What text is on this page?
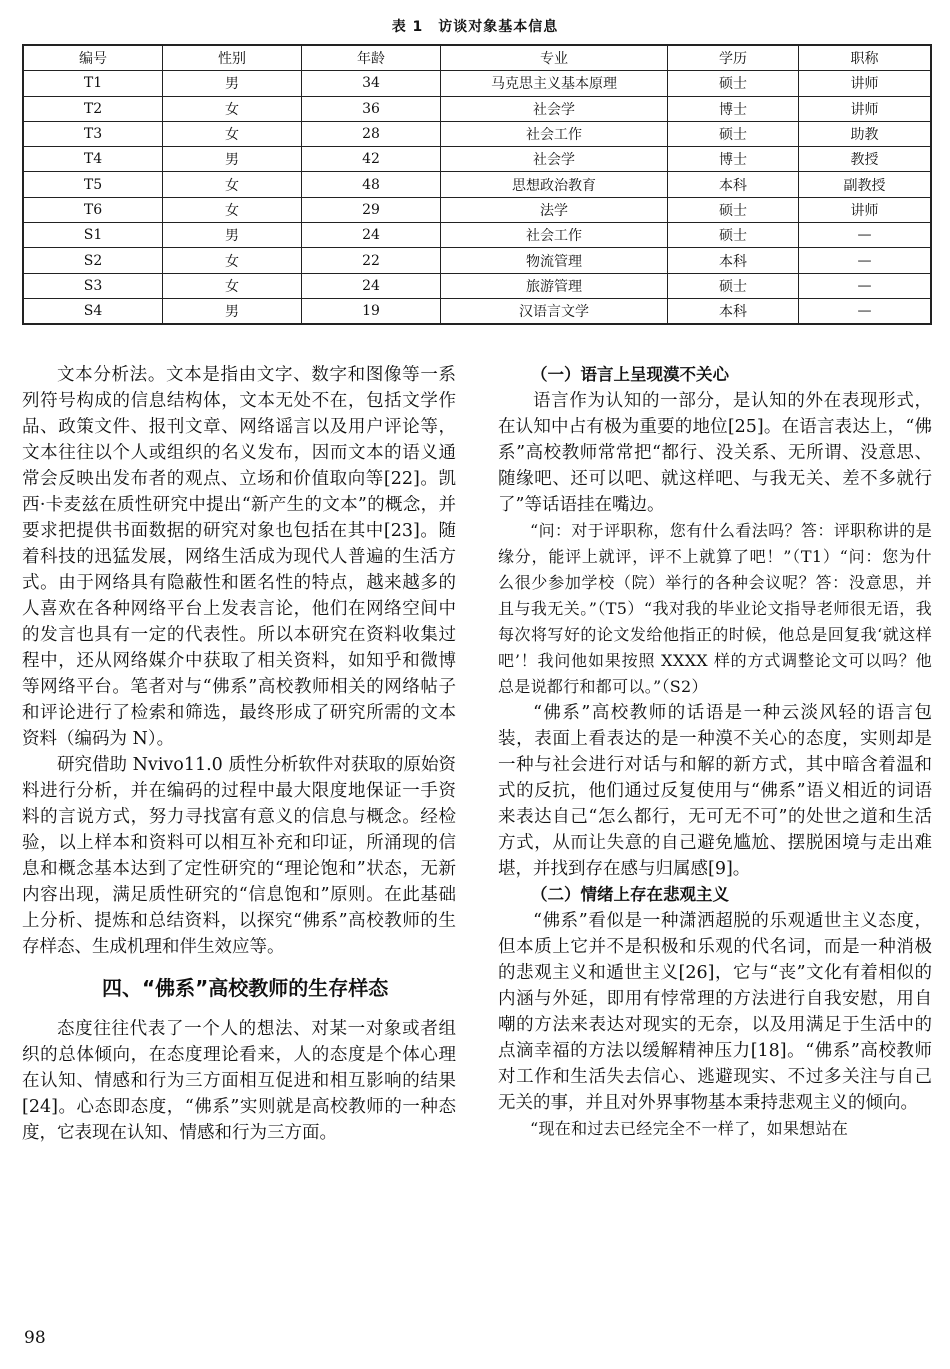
表 1　访谈对象基本信息
编号	性别	年龄	专业	学历	职称
T1	男	34	马克思主义基本原理	硕士	讲师
T2	女	36	社会学	博士	讲师
T3	女	28	社会工作	硕士	助教
T4	男	42	社会学	博士	教授
T5	女	48	思想政治教育	本科	副教授
T6	女	29	法学	硕士	讲师
S1	男	24	社会工作	硕士	—
S2	女	22	物流管理	本科	—
S3	女	24	旅游管理	硕士	—
S4	男	19	汉语言文学	本科	—

文本分析法。文本是指由文字、数字和图像等一系列符号构成的信息结构体，文本无处不在，包括文学作品、政策文件、报刊文章、网络谣言以及用户评论等，文本往往以个人或组织的名义发布，因而文本的语义通常会反映出发布者的观点、立场和价值取向等[22]。凯西·卡麦兹在质性研究中提出“新产生的文本”的概念，并要求把提供书面数据的研究对象也包括在其中[23]。随着科技的迅猛发展，网络生活成为现代人普遍的生活方式。由于网络具有隐蔽性和匿名性的特点，越来越多的人喜欢在各种网络平台上发表言论，他们在网络空间中的发言也具有一定的代表性。所以本研究在资料收集过程中，还从网络媒介中获取了相关资料，如知乎和微博等网络平台。笔者对与“佛系”高校教师相关的网络帖子和评论进行了检索和筛选，最终形成了研究所需的文本资料（编码为 N）。

研究借助 Nvivo11.0 质性分析软件对获取的原始资料进行分析，并在编码的过程中最大限度地保证一手资料的言说方式，努力寻找富有意义的信息与概念。经检验，以上样本和资料可以相互补充和印证，所涌现的信息和概念基本达到了定性研究的“理论饱和”状态，无新内容出现，满足质性研究的“信息饱和”原则。在此基础上分析、提炼和总结资料，以探究“佛系”高校教师的生存样态、生成机理和伴生效应等。

四、“佛系”高校教师的生存样态

态度往往代表了一个人的想法、对某一对象或者组织的总体倾向，在态度理论看来，人的态度是个体心理在认知、情感和行为三方面相互促进和相互影响的结果[24]。心态即态度，“佛系”实则就是高校教师的一种态度，它表现在认知、情感和行为三方面。

（一）语言上呈现漠不关心

语言作为认知的一部分，是认知的外在表现形式，在认知中占有极为重要的地位[25]。在语言表达上，“佛系”高校教师常常把“都行、没关系、无所谓、没意思、随缘吧、还可以吧、就这样吧、与我无关、差不多就行了”等话语挂在嘴边。

“问：对于评职称，您有什么看法吗？答：评职称讲的是缘分，能评上就评，评不上就算了吧！”（T1）“问：您为什么很少参加学校（院）举行的各种会议呢？答：没意思，并且与我无关。”（T5）“我对我的毕业论文指导老师很无语，我每次将写好的论文发给他指正的时候，他总是回复我‘就这样吧’！我问他如果按照 XXXX 样的方式调整论文可以吗？他总是说都行和都可以。”（S2）

“佛系”高校教师的话语是一种云淡风轻的语言包装，表面上看表达的是一种漠不关心的态度，实则却是一种与社会进行对话与和解的新方式，其中暗含着温和式的反抗，他们通过反复使用与“佛系”语义相近的词语来表达自己“怎么都行，无可无不可”的处世之道和生活方式，从而让失意的自己避免尴尬、摆脱困境与走出难堪，并找到存在感与归属感[9]。

（二）情绪上存在悲观主义

“佛系”看似是一种潇洒超脱的乐观遁世主义态度，但本质上它并不是积极和乐观的代名词，而是一种消极的悲观主义和遁世主义[26]，它与“丧”文化有着相似的内涵与外延，即用有悖常理的方法进行自我安慰，用自嘲的方法来表达对现实的无奈，以及用满足于生活中的点滴幸福的方法以缓解精神压力[18]。“佛系”高校教师对工作和生活失去信心、逃避现实、不过多关注与自己无关的事，并且对外界事物基本秉持悲观主义的倾向。

“现在和过去已经完全不一样了，如果想站在

98
